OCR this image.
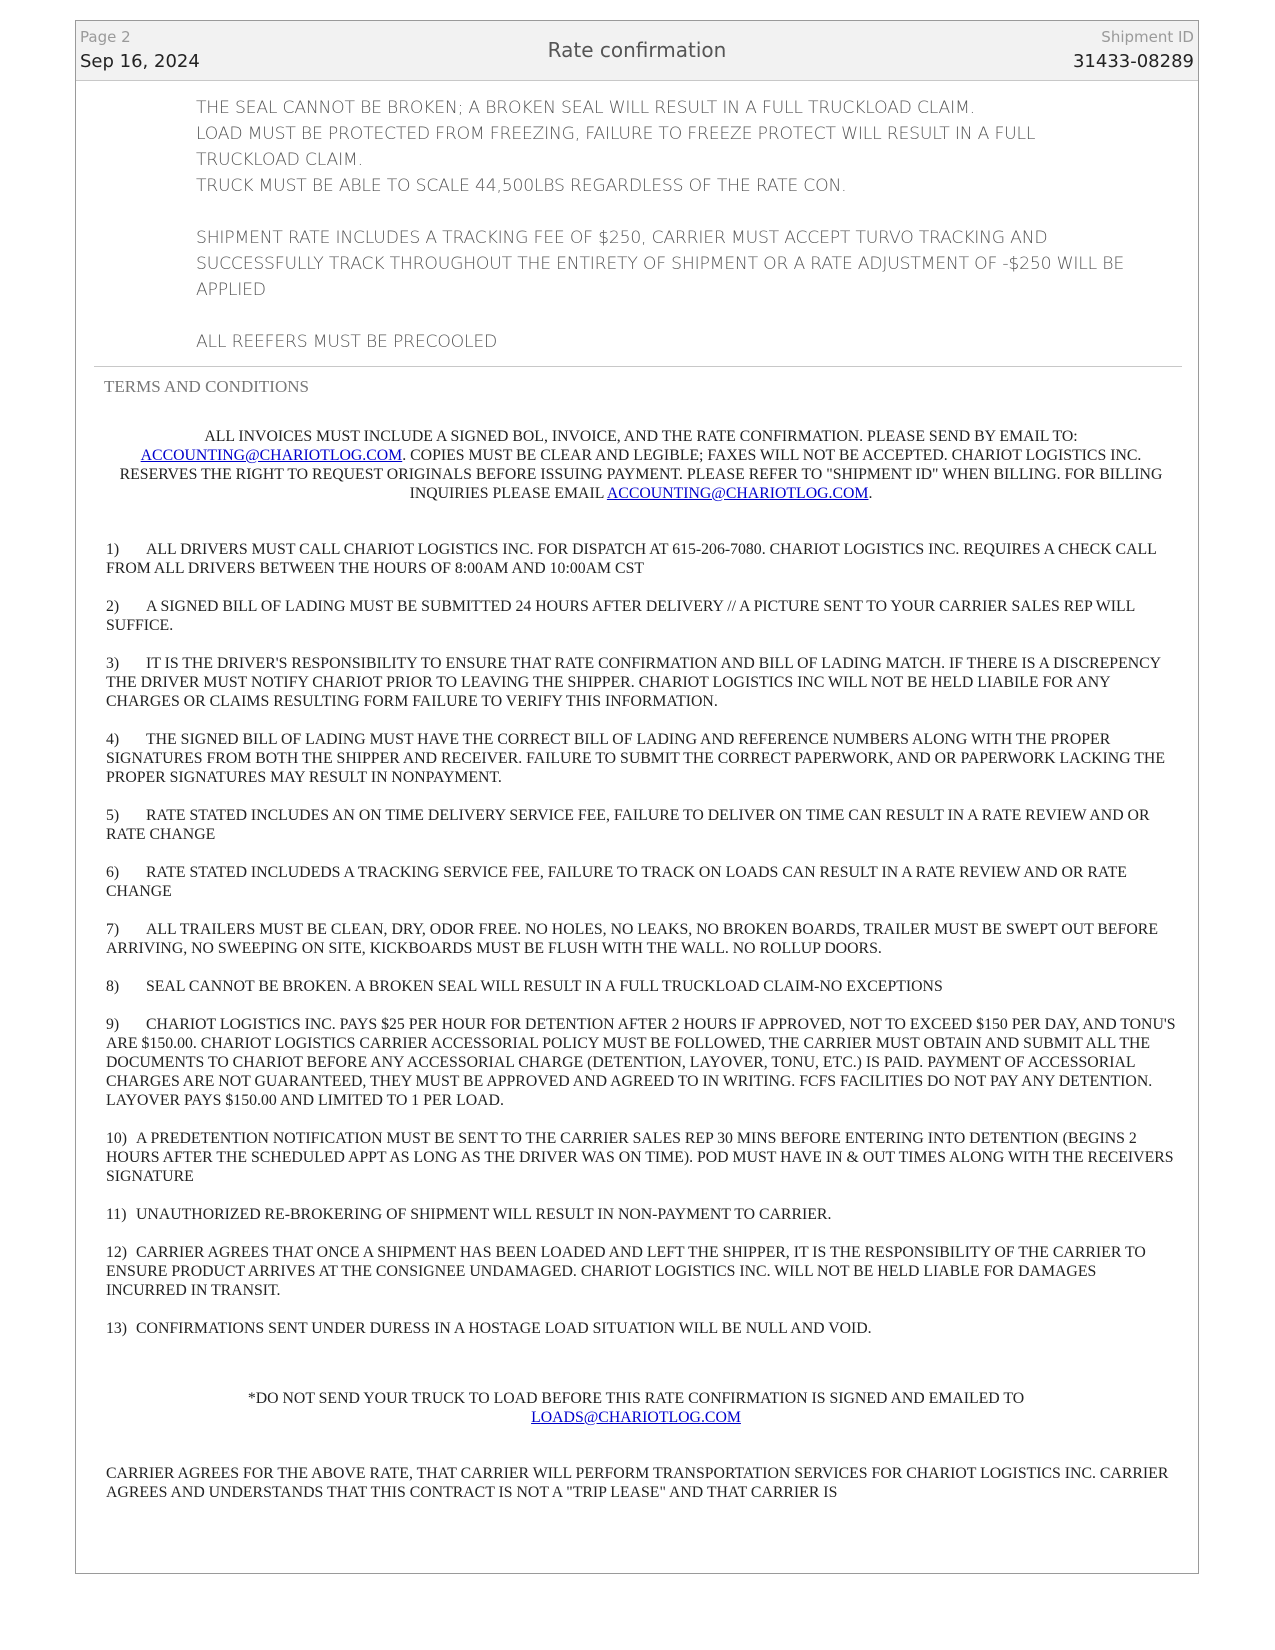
Page 2
Sep 16, 2024	Rate confirmation
Shipment ID
31433-08289
THE SEAL CANNOT BE BROKEN; A BROKEN SEAL WILL RESULT IN A FULL TRUCKLOAD CLAIM.
LOAD MUST BE PROTECTED FROM FREEZING, FAILURE TO FREEZE PROTECT WILL RESULT IN A FULL TRUCKLOAD CLAIM.
TRUCK MUST BE ABLE TO SCALE 44,500LBS REGARDLESS OF THE RATE CON.
SHIPMENT RATE INCLUDES A TRACKING FEE OF $250, CARRIER MUST ACCEPT TURVO TRACKING AND SUCCESSFULLY TRACK THROUGHOUT THE ENTIRETY OF SHIPMENT OR A RATE ADJUSTMENT OF -$250 WILL BE APPLIED
ALL REEFERS MUST BE PRECOOLED
TERMS AND CONDITIONS
ALL INVOICES MUST INCLUDE A SIGNED BOL, INVOICE, AND THE RATE CONFIRMATION. PLEASE SEND BY EMAIL TO:
ACCOUNTING@CHARIOTLOG.COM. COPIES MUST BE CLEAR AND LEGIBLE; FAXES WILL NOT BE ACCEPTED. CHARIOT LOGISTICS INC. RESERVES THE RIGHT TO REQUEST ORIGINALS BEFORE ISSUING PAYMENT. PLEASE REFER TO "SHIPMENT ID" WHEN BILLING. FOR BILLING INQUIRIES PLEASE EMAIL ACCOUNTING@CHARIOTLOG.COM.

1) ALL DRIVERS MUST CALL CHARIOT LOGISTICS INC. FOR DISPATCH AT 615-206-7080. CHARIOT LOGISTICS INC. REQUIRES A CHECK CALL FROM ALL DRIVERS BETWEEN THE HOURS OF 8:00AM AND 10:00AM CST

2) A SIGNED BILL OF LADING MUST BE SUBMITTED 24 HOURS AFTER DELIVERY // A PICTURE SENT TO YOUR CARRIER SALES REP WILL SUFFICE.

3) IT IS THE DRIVER'S RESPONSIBILITY TO ENSURE THAT RATE CONFIRMATION AND BILL OF LADING MATCH. IF THERE IS A DISCREPENCY THE DRIVER MUST NOTIFY CHARIOT PRIOR TO LEAVING THE SHIPPER. CHARIOT LOGISTICS INC WILL NOT BE HELD LIABILE FOR ANY CHARGES OR CLAIMS RESULTING FORM FAILURE TO VERIFY THIS INFORMATION.

4) THE SIGNED BILL OF LADING MUST HAVE THE CORRECT BILL OF LADING AND REFERENCE NUMBERS ALONG WITH THE PROPER SIGNATURES FROM BOTH THE SHIPPER AND RECEIVER. FAILURE TO SUBMIT THE CORRECT PAPERWORK, AND OR PAPERWORK LACKING THE PROPER SIGNATURES MAY RESULT IN NONPAYMENT.

5) RATE STATED INCLUDES AN ON TIME DELIVERY SERVICE FEE, FAILURE TO DELIVER ON TIME CAN RESULT IN A RATE REVIEW AND OR RATE CHANGE

6) RATE STATED INCLUDEDS A TRACKING SERVICE FEE, FAILURE TO TRACK ON LOADS CAN RESULT IN A RATE REVIEW AND OR RATE CHANGE

7) ALL TRAILERS MUST BE CLEAN, DRY, ODOR FREE. NO HOLES, NO LEAKS, NO BROKEN BOARDS, TRAILER MUST BE SWEPT OUT BEFORE ARRIVING, NO SWEEPING ON SITE, KICKBOARDS MUST BE FLUSH WITH THE WALL. NO ROLLUP DOORS.

8) SEAL CANNOT BE BROKEN. A BROKEN SEAL WILL RESULT IN A FULL TRUCKLOAD CLAIM-NO EXCEPTIONS

9) CHARIOT LOGISTICS INC. PAYS $25 PER HOUR FOR DETENTION AFTER 2 HOURS IF APPROVED, NOT TO EXCEED $150 PER DAY, AND TONU'S ARE $150.00. CHARIOT LOGISTICS CARRIER ACCESSORIAL POLICY MUST BE FOLLOWED, THE CARRIER MUST OBTAIN AND SUBMIT ALL THE DOCUMENTS TO CHARIOT BEFORE ANY ACCESSORIAL CHARGE (DETENTION, LAYOVER, TONU, ETC.) IS PAID. PAYMENT OF ACCESSORIAL CHARGES ARE NOT GUARANTEED, THEY MUST BE APPROVED AND AGREED TO IN WRITING. FCFS FACILITIES DO NOT PAY ANY DETENTION. LAYOVER PAYS $150.00 AND LIMITED TO 1 PER LOAD.

10) A PREDETENTION NOTIFICATION MUST BE SENT TO THE CARRIER SALES REP 30 MINS BEFORE ENTERING INTO DETENTION (BEGINS 2 HOURS AFTER THE SCHEDULED APPT AS LONG AS THE DRIVER WAS ON TIME). POD MUST HAVE IN & OUT TIMES ALONG WITH THE RECEIVERS SIGNATURE

11) UNAUTHORIZED RE-BROKERING OF SHIPMENT WILL RESULT IN NON-PAYMENT TO CARRIER.

12) CARRIER AGREES THAT ONCE A SHIPMENT HAS BEEN LOADED AND LEFT THE SHIPPER, IT IS THE RESPONSIBILITY OF THE CARRIER TO ENSURE PRODUCT ARRIVES AT THE CONSIGNEE UNDAMAGED. CHARIOT LOGISTICS INC. WILL NOT BE HELD LIABLE FOR DAMAGES INCURRED IN TRANSIT.

13) CONFIRMATIONS SENT UNDER DURESS IN A HOSTAGE LOAD SITUATION WILL BE NULL AND VOID.

*DO NOT SEND YOUR TRUCK TO LOAD BEFORE THIS RATE CONFIRMATION IS SIGNED AND EMAILED TO
LOADS@CHARIOTLOG.COM
CARRIER AGREES FOR THE ABOVE RATE, THAT CARRIER WILL PERFORM TRANSPORTATION SERVICES FOR CHARIOT LOGISTICS INC. CARRIER AGREES AND UNDERSTANDS THAT THIS CONTRACT IS NOT A "TRIP LEASE" AND THAT CARRIER IS
